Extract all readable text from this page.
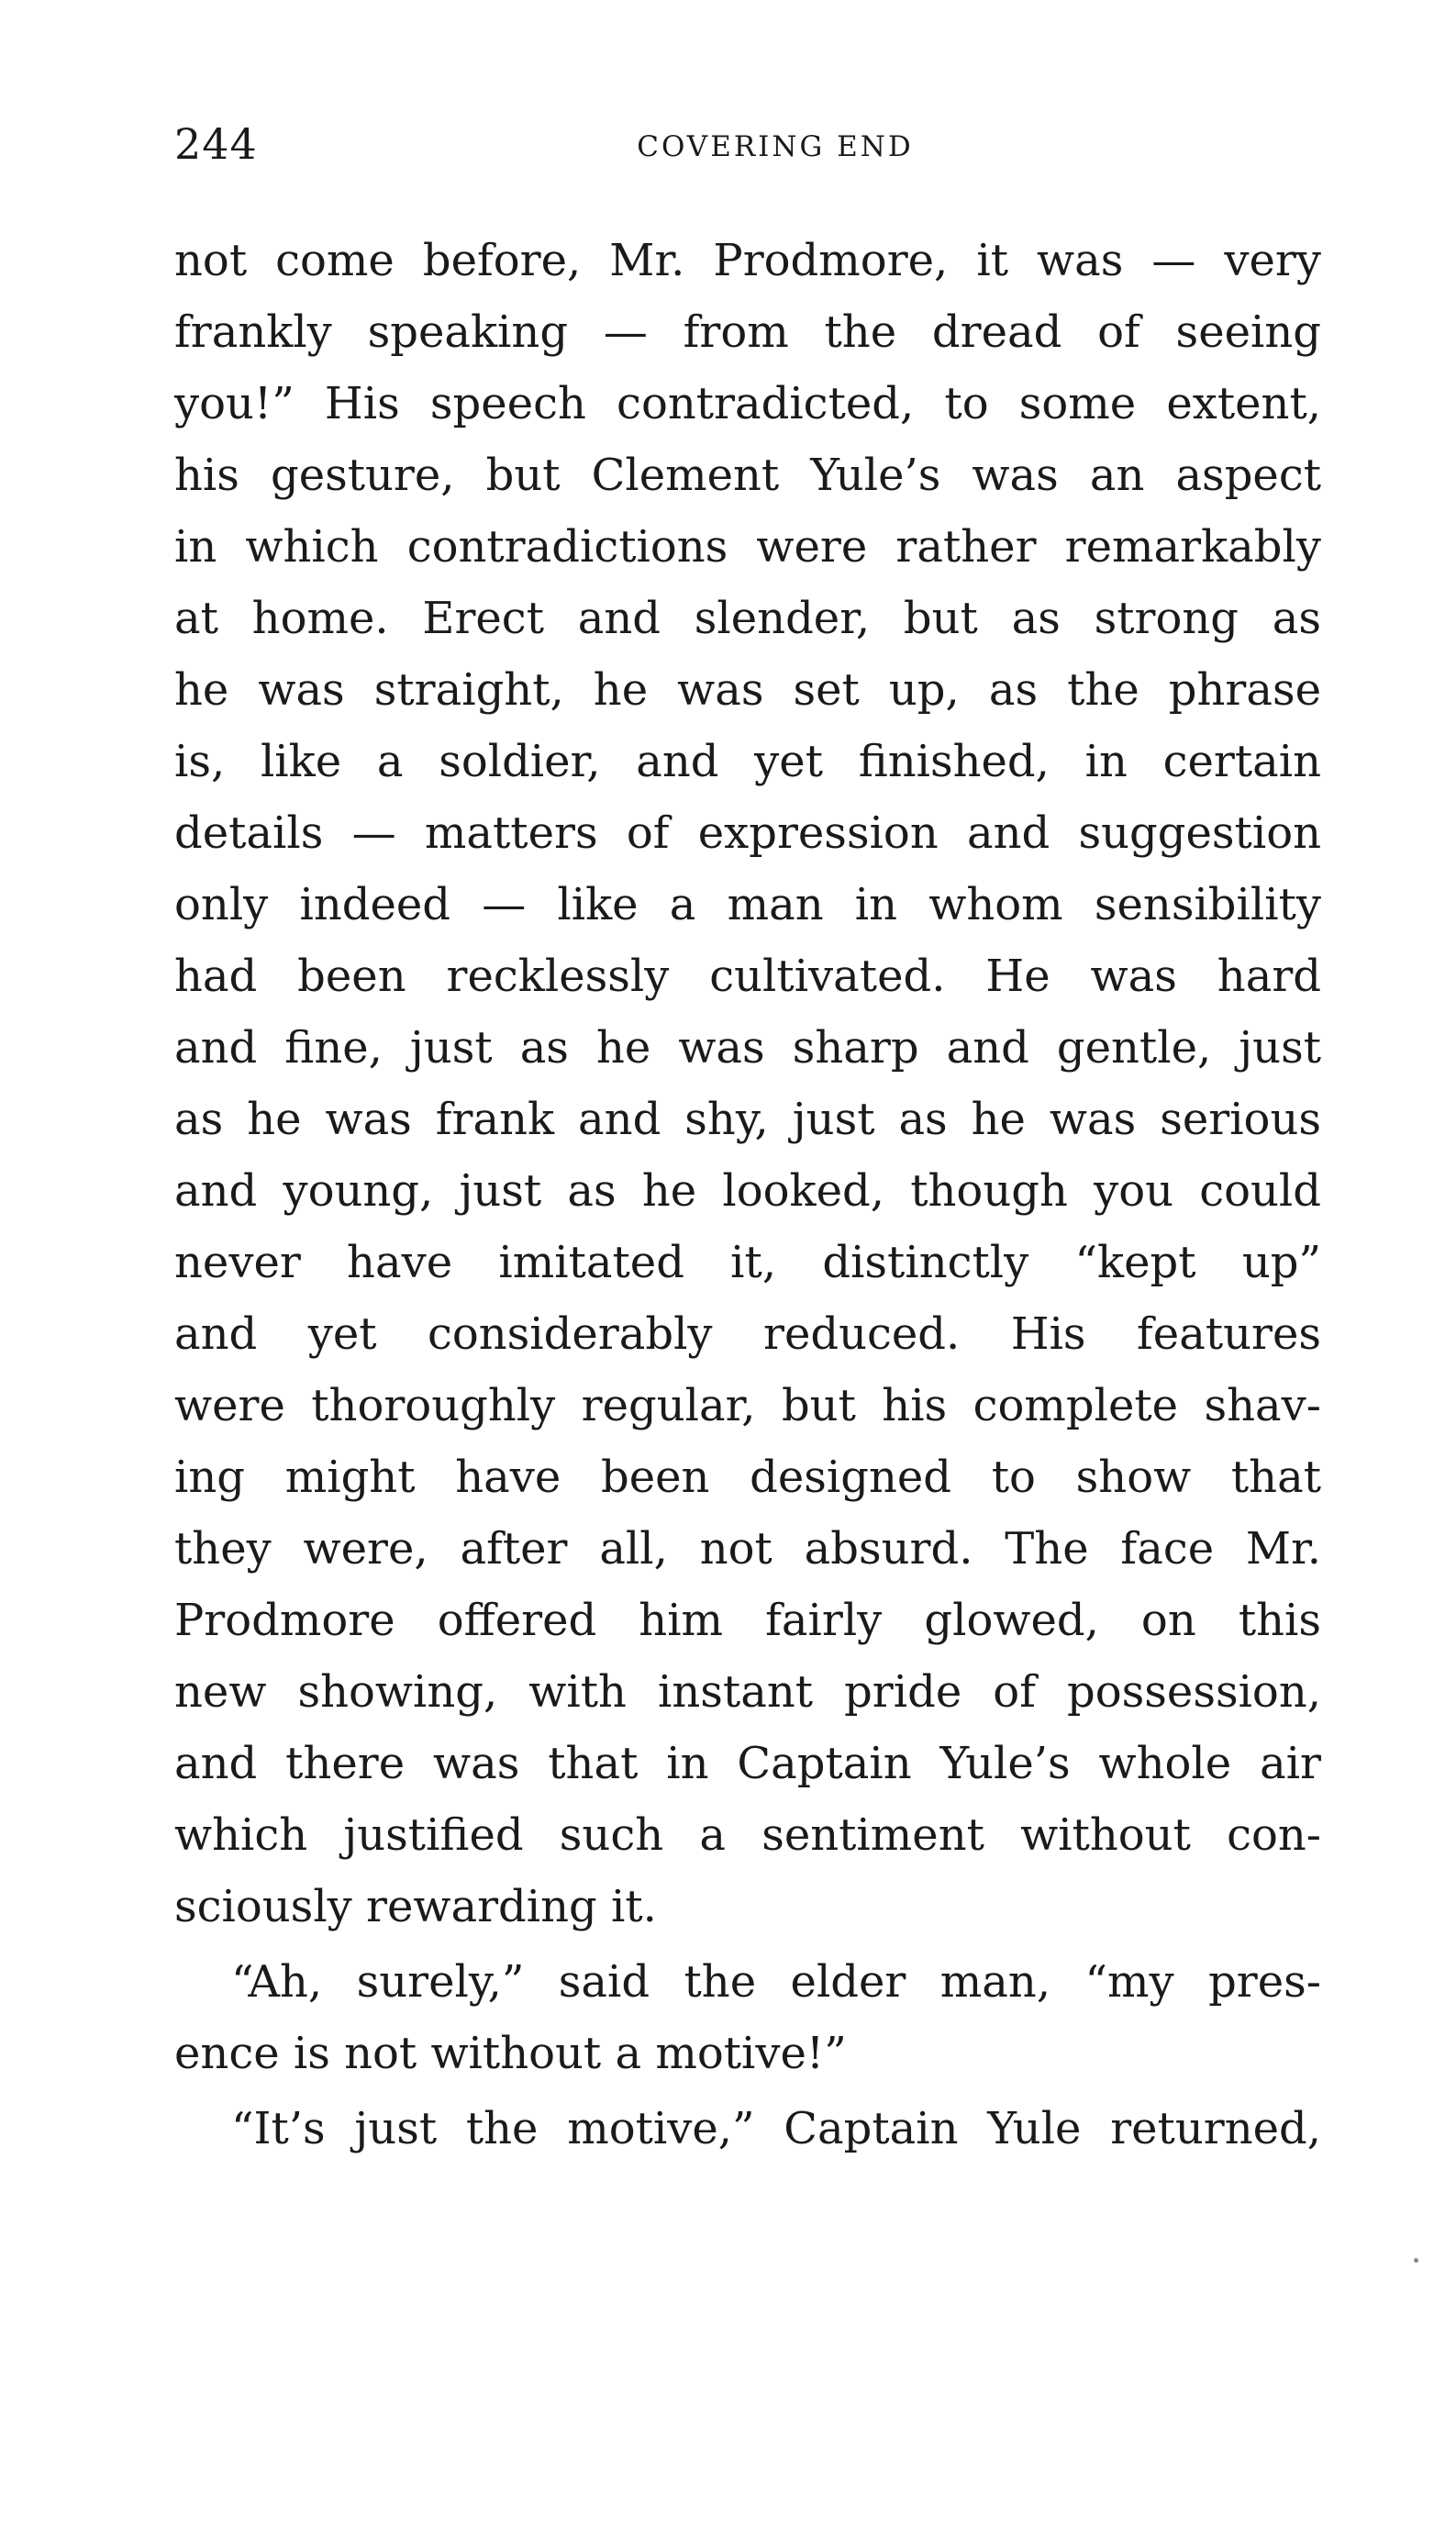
244	COVERING END
not come before, Mr. Prodmore, it was — very
frankly speaking — from the dread of seeing
you!” His speech contradicted, to some extent,
his gesture, but Clement Yule’s was an aspect
in which contradictions were rather remarkably
at home. Erect and slender, but as strong as
he was straight, he was set up, as the phrase
is, like a soldier, and yet finished, in certain
details — matters of expression and suggestion
only indeed — like a man in whom sensibility
had been recklessly cultivated. He was hard
and fine, just as he was sharp and gentle, just
as he was frank and shy, just as he was serious
and young, just as he looked, though you could
never have imitated it, distinctly “kept up”
and yet considerably reduced. His features
were thoroughly regular, but his complete shav-
ing might have been designed to show that
they were, after all, not absurd. The face Mr.
Prodmore offered him fairly glowed, on this
new showing, with instant pride of possession,
and there was that in Captain Yule’s whole air
which justified such a sentiment without con-
sciously rewarding it.
“Ah, surely,” said the elder man, “my pres-
ence is not without a motive!”
“It’s just the motive,” Captain Yule returned,
